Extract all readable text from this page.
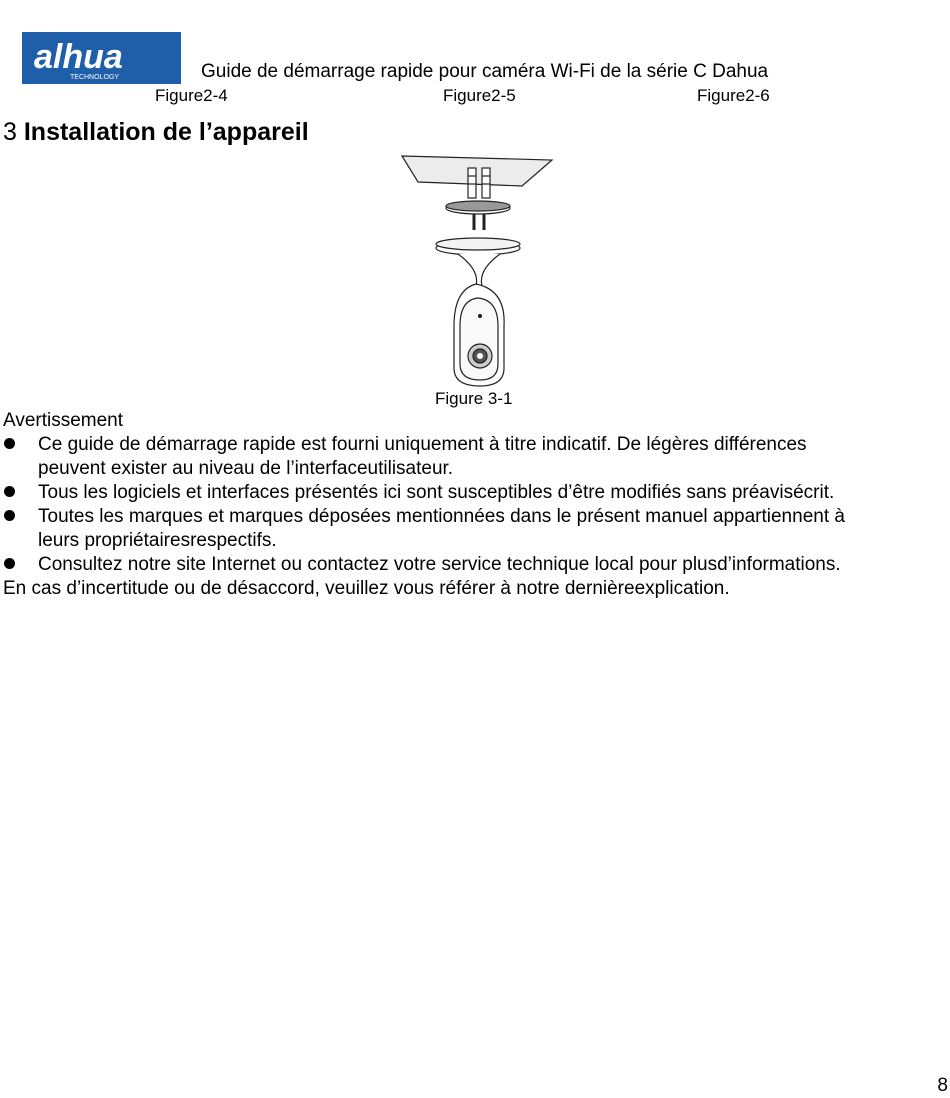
alhua
TECHNOLOGY	Guide de démarrage rapide pour caméra Wi-Fi de la série C Dahua
Figure2-4	Figure2-5	Figure2-6
3 Installation de l’appareil
Figure 3-1
Avertissement
Ce guide de démarrage rapide est fourni uniquement à titre indicatif. De légères différences
peuvent exister au niveau de l’interfaceutilisateur.
Tous les logiciels et interfaces présentés ici sont susceptibles d’être modifiés sans préavisécrit.
Toutes les marques et marques déposées mentionnées dans le présent manuel appartiennent à
leurs propriétairesrespectifs.
Consultez notre site Internet ou contactez votre service technique local pour plusd’informations.
En cas d’incertitude ou de désaccord, veuillez vous référer à notre dernièreexplication.
8
